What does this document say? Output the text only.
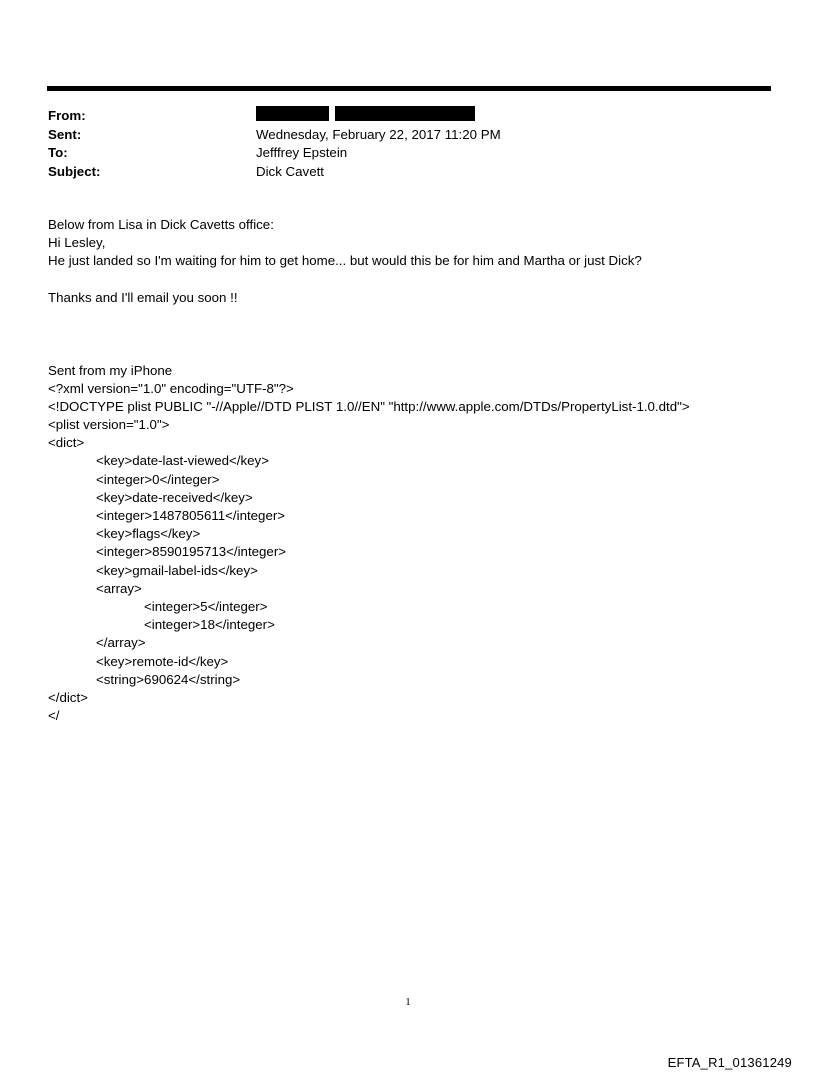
From:
Sent:	Wednesday, February 22, 2017 11:20 PM
To:	Jefffrey Epstein
Subject:	Dick Cavett
Below from Lisa in Dick Cavetts office:
Hi Lesley,
He just landed so I'm waiting for him to get home... but would this be for him and Martha or just Dick?
Thanks and I'll email you soon !!
Sent from my iPhone
<?xml version="1.0" encoding="UTF-8"?>
<!DOCTYPE plist PUBLIC "-//Apple//DTD PLIST 1.0//EN" "http://www.apple.com/DTDs/PropertyList-1.0.dtd">
<plist version="1.0">
<dict>
<key>date-last-viewed</key>
<integer>0</integer>
<key>date-received</key>
<integer>1487805611</integer>
<key>flags</key>
<integer>8590195713</integer>
<key>gmail-label-ids</key>
<array>
<integer>5</integer>
<integer>18</integer>
</array>
<key>remote-id</key>
<string>690624</string>
</dict>
</
1
EFTA_R1_01361249
